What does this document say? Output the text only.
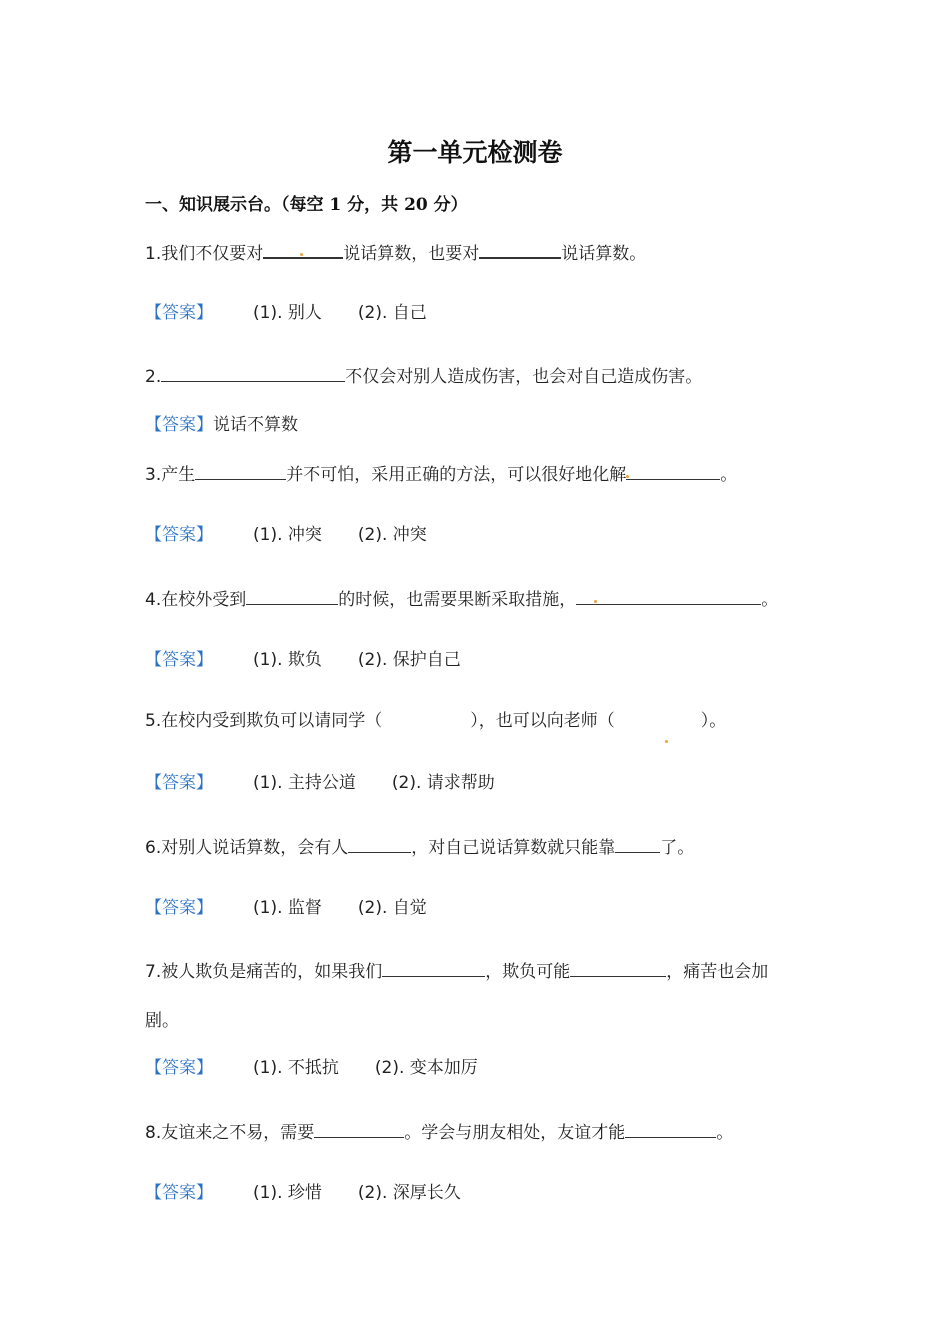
第一单元检测卷
一、知识展示台。（每空 1 分，共 20 分）
1.我们不仅要对	说话算数，也要对	说话算数。
【答案】 (1). 别人 (2). 自己
2.	不仅会对别人造成伤害，也会对自己造成伤害。
【答案】说话不算数
3.产生	并不可怕，采用正确的方法，可以很好地化解	。
【答案】 (1). 冲突 (2). 冲突
4.在校外受到	的时候，也需要果断采取措施，	。
【答案】 (1). 欺负 (2). 保护自己
5.在校内受到欺负可以请同学（	），也可以向老师（	）。
【答案】 (1). 主持公道 (2). 请求帮助
6.对别人说话算数，会有人	，对自己说话算数就只能靠	了。
【答案】 (1). 监督 (2). 自觉
7.被人欺负是痛苦的，如果我们	，欺负可能	，痛苦也会加
剧。
【答案】 (1). 不抵抗 (2). 变本加厉
8.友谊来之不易，需要	。学会与朋友相处，友谊才能	。
【答案】 (1). 珍惜 (2). 深厚长久
